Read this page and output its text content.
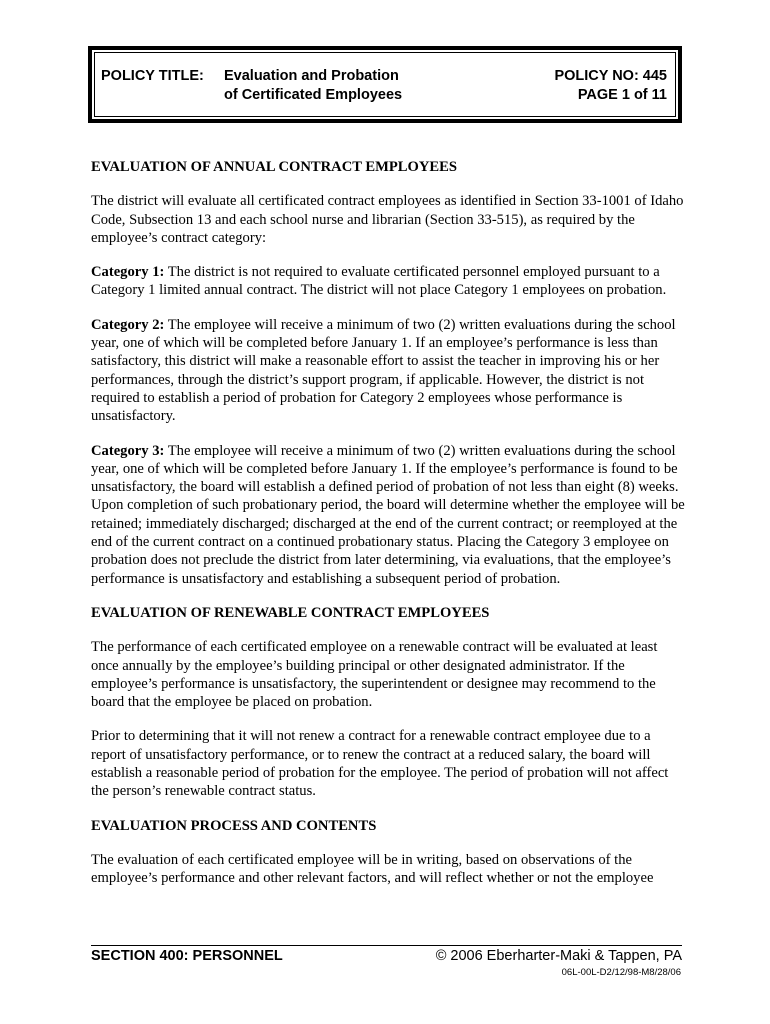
POLICY TITLE: Evaluation and Probation
of Certificated Employees
POLICY NO: 445
PAGE 1 of 11
EVALUATION OF ANNUAL CONTRACT EMPLOYEES

The district will evaluate all certificated contract employees as identified in Section 33-1001 of Idaho Code, Subsection 13 and each school nurse and librarian (Section 33-515), as required by the employee’s contract category:

Category 1: The district is not required to evaluate certificated personnel employed pursuant to a Category 1 limited annual contract. The district will not place Category 1 employees on probation.

Category 2: The employee will receive a minimum of two (2) written evaluations during the school year, one of which will be completed before January 1. If an employee’s performance is less than satisfactory, this district will make a reasonable effort to assist the teacher in improving his or her performances, through the district’s support program, if applicable. However, the district is not required to establish a period of probation for Category 2 employees whose performance is unsatisfactory.

Category 3: The employee will receive a minimum of two (2) written evaluations during the school year, one of which will be completed before January 1. If the employee’s performance is found to be unsatisfactory, the board will establish a defined period of probation of not less than eight (8) weeks. Upon completion of such probationary period, the board will determine whether the employee will be retained; immediately discharged; discharged at the end of the current contract; or reemployed at the end of the current contract on a continued probationary status. Placing the Category 3 employee on probation does not preclude the district from later determining, via evaluations, that the employee’s performance is unsatisfactory and establishing a subsequent period of probation.

EVALUATION OF RENEWABLE CONTRACT EMPLOYEES

The performance of each certificated employee on a renewable contract will be evaluated at least once annually by the employee’s building principal or other designated administrator. If the employee’s performance is unsatisfactory, the superintendent or designee may recommend to the board that the employee be placed on probation.

Prior to determining that it will not renew a contract for a renewable contract employee due to a report of unsatisfactory performance, or to renew the contract at a reduced salary, the board will establish a reasonable period of probation for the employee. The period of probation will not affect the person’s renewable contract status.

EVALUATION PROCESS AND CONTENTS

The evaluation of each certificated employee will be in writing, based on observations of the employee’s performance and other relevant factors, and will reflect whether or not the employee

SECTION 400: PERSONNEL	© 2006 Eberharter-Maki & Tappen, PA
06L-00L-D2/12/98-M8/28/06
